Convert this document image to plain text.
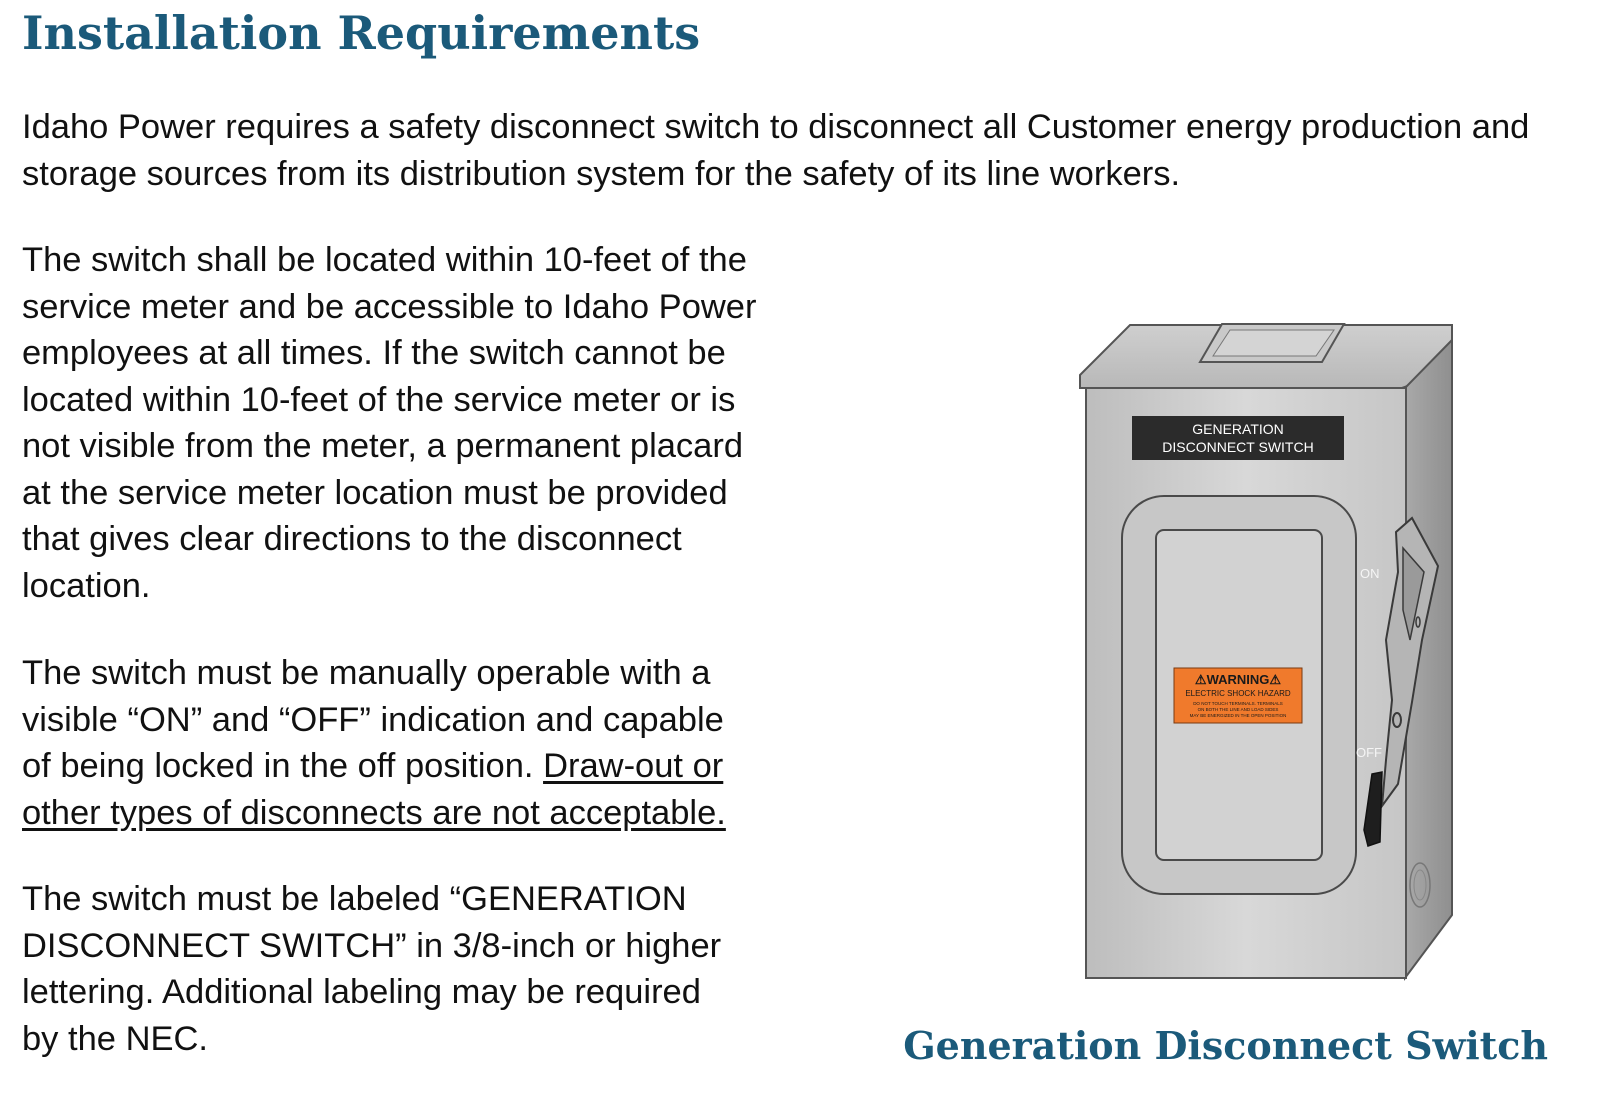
Installation Requirements

Idaho Power requires a safety disconnect switch to disconnect all Customer energy production and
storage sources from its distribution system for the safety of its line workers.

The switch shall be located within 10-feet of the
service meter and be accessible to Idaho Power
employees at all times. If the switch cannot be
located within 10-feet of the service meter or is
not visible from the meter, a permanent placard
at the service meter location must be provided
that gives clear directions to the disconnect
location.

The switch must be manually operable with a
visible “ON” and “OFF” indication and capable
of being locked in the off position. Draw-out or
other types of disconnects are not acceptable.

The switch must be labeled “GENERATION
DISCONNECT SWITCH” in 3/8-inch or higher
lettering. Additional labeling may be required
by the NEC.

GENERATION
DISCONNECT SWITCH
⚠WARNING⚠
ELECTRIC SHOCK HAZARD
DO NOT TOUCH TERMINALS. TERMINALS
ON BOTH THE LINE AND LOAD SIDES
MAY BE ENERGIZED IN THE OPEN POSITION
ON
OFF

Generation Disconnect Switch
